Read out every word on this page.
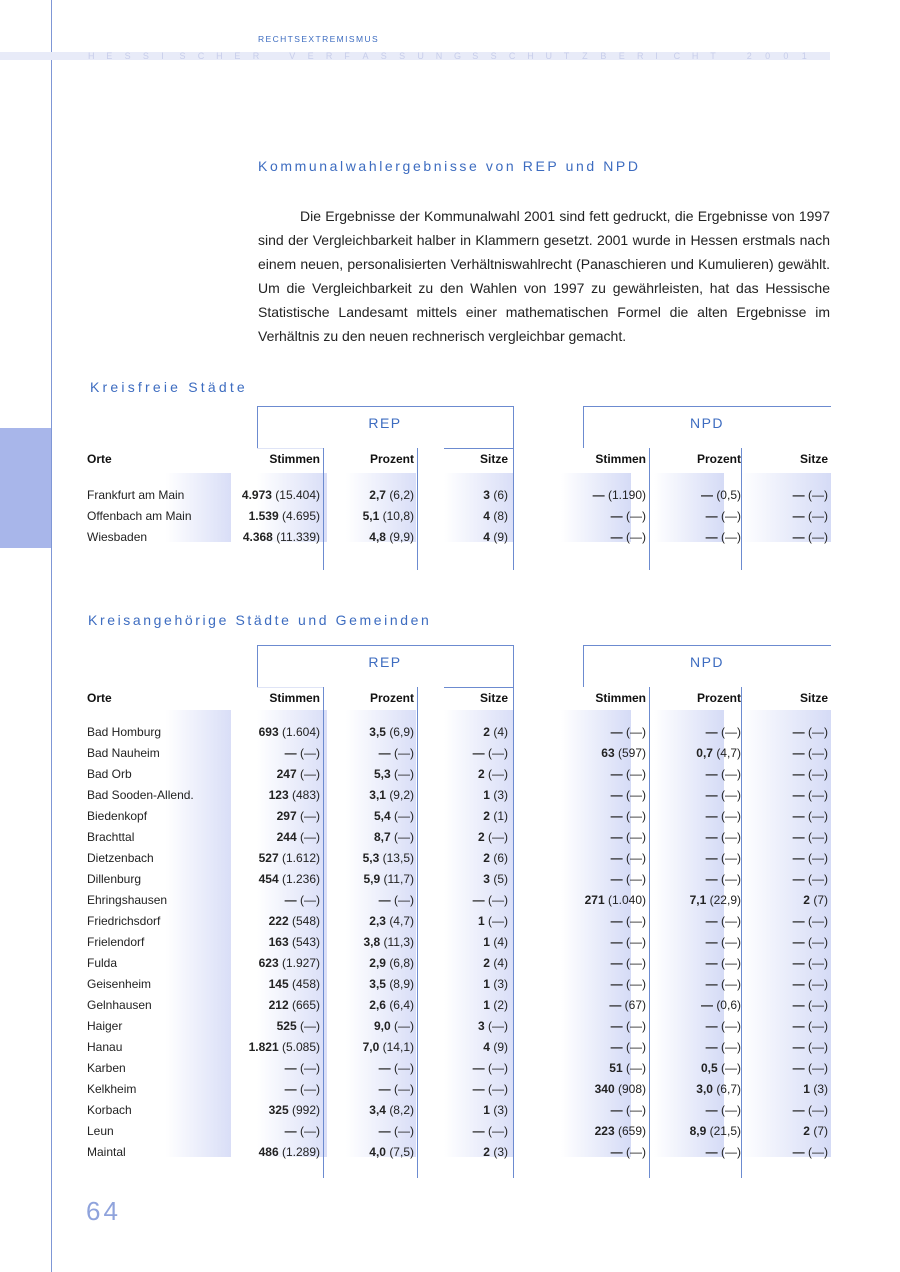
RECHTSEXTREMISMUS
H E S S I S C H E R	V E R F A S S U N G S S C H U T Z B E R I C H T	2 0 0 1
Kommunalwahlergebnisse von REP und NPD

Die Ergebnisse der Kommunalwahl 2001 sind fett gedruckt, die Ergebnisse von 1997 sind der Vergleichbarkeit halber in Klammern gesetzt. 2001 wurde in Hessen erstmals nach einem neuen, personalisierten Verhältniswahlrecht (Panaschieren und Kumulieren) gewählt. Um die Vergleichbarkeit zu den Wahlen von 1997 zu gewährleisten, hat das Hessische Statistische Landesamt mittels einer mathematischen Formel die alten Ergebnisse im Verhältnis zu den neuen rechnerisch vergleichbar gemacht.

Kreisfreie Städte
REP	NPD
Orte	Stimmen	Prozent	Sitze	Stimmen	Prozent	Sitze
Frankfurt am Main	4.973 (15.404)	2,7 (6,2)	3 (6)	— (1.190)	— (0,5)	— (—)
Offenbach am Main	1.539 (4.695)	5,1 (10,8)	4 (8)	— (—)	— (—)	— (—)
Wiesbaden	4.368 (11.339)	4,8 (9,9)	4 (9)	— (—)	— (—)	— (—)
Kreisangehörige Städte und Gemeinden
REP	NPD
Orte	Stimmen	Prozent	Sitze	Stimmen	Prozent	Sitze
Bad Homburg	693 (1.604)	3,5 (6,9)	2 (4)	— (—)	— (—)	— (—)
Bad Nauheim	— (—)	— (—)	— (—)	63 (597)	0,7 (4,7)	— (—)
Bad Orb	247 (—)	5,3 (—)	2 (—)	— (—)	— (—)	— (—)
Bad Sooden-Allend.	123 (483)	3,1 (9,2)	1 (3)	— (—)	— (—)	— (—)
Biedenkopf	297 (—)	5,4 (—)	2 (1)	— (—)	— (—)	— (—)
Brachttal	244 (—)	8,7 (—)	2 (—)	— (—)	— (—)	— (—)
Dietzenbach	527 (1.612)	5,3 (13,5)	2 (6)	— (—)	— (—)	— (—)
Dillenburg	454 (1.236)	5,9 (11,7)	3 (5)	— (—)	— (—)	— (—)
Ehringshausen	— (—)	— (—)	— (—)	271 (1.040)	7,1 (22,9)	2 (7)
Friedrichsdorf	222 (548)	2,3 (4,7)	1 (—)	— (—)	— (—)	— (—)
Frielendorf	163 (543)	3,8 (11,3)	1 (4)	— (—)	— (—)	— (—)
Fulda	623 (1.927)	2,9 (6,8)	2 (4)	— (—)	— (—)	— (—)
Geisenheim	145 (458)	3,5 (8,9)	1 (3)	— (—)	— (—)	— (—)
Gelnhausen	212 (665)	2,6 (6,4)	1 (2)	— (67)	— (0,6)	— (—)
Haiger	525 (—)	9,0 (—)	3 (—)	— (—)	— (—)	— (—)
Hanau	1.821 (5.085)	7,0 (14,1)	4 (9)	— (—)	— (—)	— (—)
Karben	— (—)	— (—)	— (—)	51 (—)	0,5 (—)	— (—)
Kelkheim	— (—)	— (—)	— (—)	340 (908)	3,0 (6,7)	1 (3)
Korbach	325 (992)	3,4 (8,2)	1 (3)	— (—)	— (—)	— (—)
Leun	— (—)	— (—)	— (—)	223 (659)	8,9 (21,5)	2 (7)
Maintal	486 (1.289)	4,0 (7,5)	2 (3)	— (—)	— (—)	— (—)
64
